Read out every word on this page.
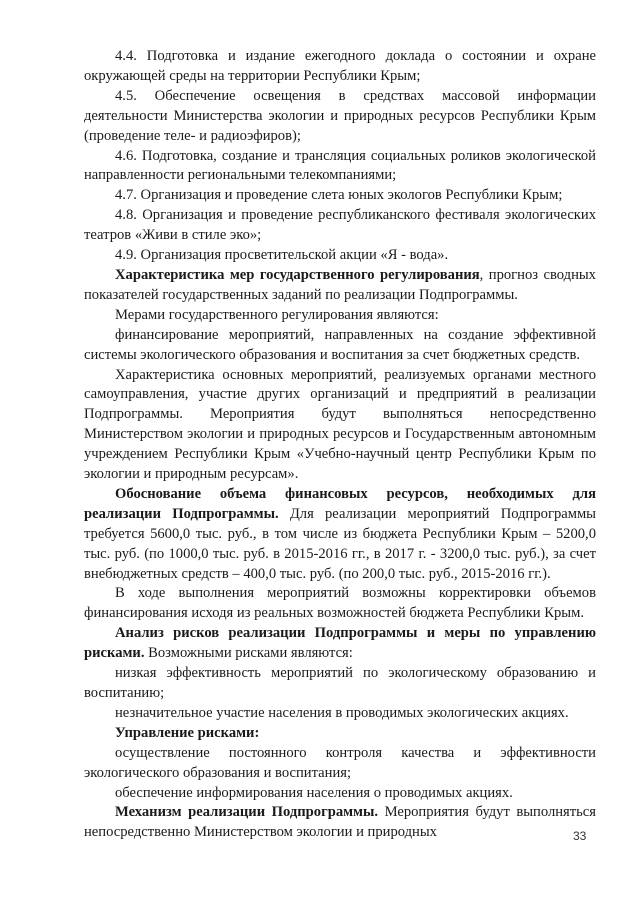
4.4. Подготовка и издание ежегодного доклада о состоянии и охране окружающей среды на территории Республики Крым;

4.5. Обеспечение освещения в средствах массовой информации деятельности Министерства экологии и природных ресурсов Республики Крым (проведение теле- и радиоэфиров);

4.6. Подготовка, создание и трансляция социальных роликов экологической направленности региональными телекомпаниями;

4.7. Организация и проведение слета юных экологов Республики Крым;

4.8. Организация и проведение республиканского фестиваля экологических театров «Живи в стиле эко»;

4.9. Организация просветительской акции «Я - вода».

Характеристика мер государственного регулирования, прогноз сводных показателей государственных заданий по реализации Подпрограммы.

Мерами государственного регулирования являются:

финансирование мероприятий, направленных на создание эффективной системы экологического образования и воспитания за счет бюджетных средств.

Характеристика основных мероприятий, реализуемых органами местного самоуправления, участие других организаций и предприятий в реализации Подпрограммы. Мероприятия будут выполняться непосредственно Министерством экологии и природных ресурсов и Государственным автономным учреждением Республики Крым «Учебно-научный центр Республики Крым по экологии и природным ресурсам».

Обоснование объема финансовых ресурсов, необходимых для реализации Подпрограммы. Для реализации мероприятий Подпрограммы требуется 5600,0 тыс. руб., в том числе из бюджета Республики Крым – 5200,0 тыс. руб. (по 1000,0 тыс. руб. в 2015-2016 гг., в 2017 г. - 3200,0 тыс. руб.), за счет внебюджетных средств – 400,0 тыс. руб. (по 200,0 тыс. руб., 2015-2016 гг.).

В ходе выполнения мероприятий возможны корректировки объемов финансирования исходя из реальных возможностей бюджета Республики Крым.

Анализ рисков реализации Подпрограммы и меры по управлению рисками. Возможными рисками являются:

низкая эффективность мероприятий по экологическому образованию и воспитанию;

незначительное участие населения в проводимых экологических акциях.

Управление рисками:

осуществление постоянного контроля качества и эффективности экологического образования и воспитания;

обеспечение информирования населения о проводимых акциях.

Механизм реализации Подпрограммы. Мероприятия будут выполняться непосредственно Министерством экологии и природных	33
